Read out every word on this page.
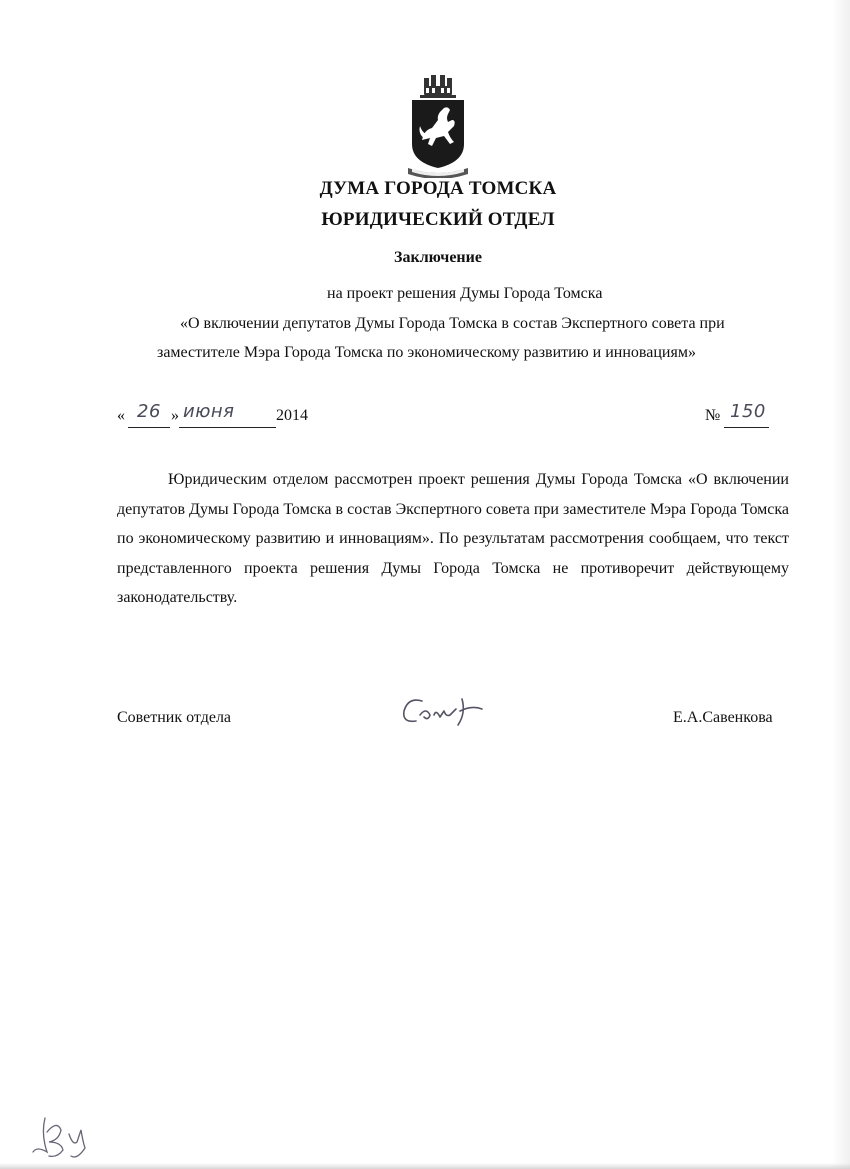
ДУМА ГОРОДА ТОМСКА
ЮРИДИЧЕСКИЙ ОТДЕЛ
Заключение
на проект решения Думы Города Томска
«О включении депутатов Думы Города Томска в состав Экспертного совета при
заместителе Мэра Города Томска по экономическому развитию и инновациям»
« 26 » июня	2014	№ 150

Юридическим отделом рассмотрен проект решения Думы Города Томска «О включении депутатов Думы Города Томска в состав Экспертного совета при заместителе Мэра Города Томска по экономическому развитию и инновациям». По результатам рассмотрения сообщаем, что текст представленного проекта решения Думы Города Томска не противоречит действующему законодательству.

Советник отдела	Е.А.Савенкова
